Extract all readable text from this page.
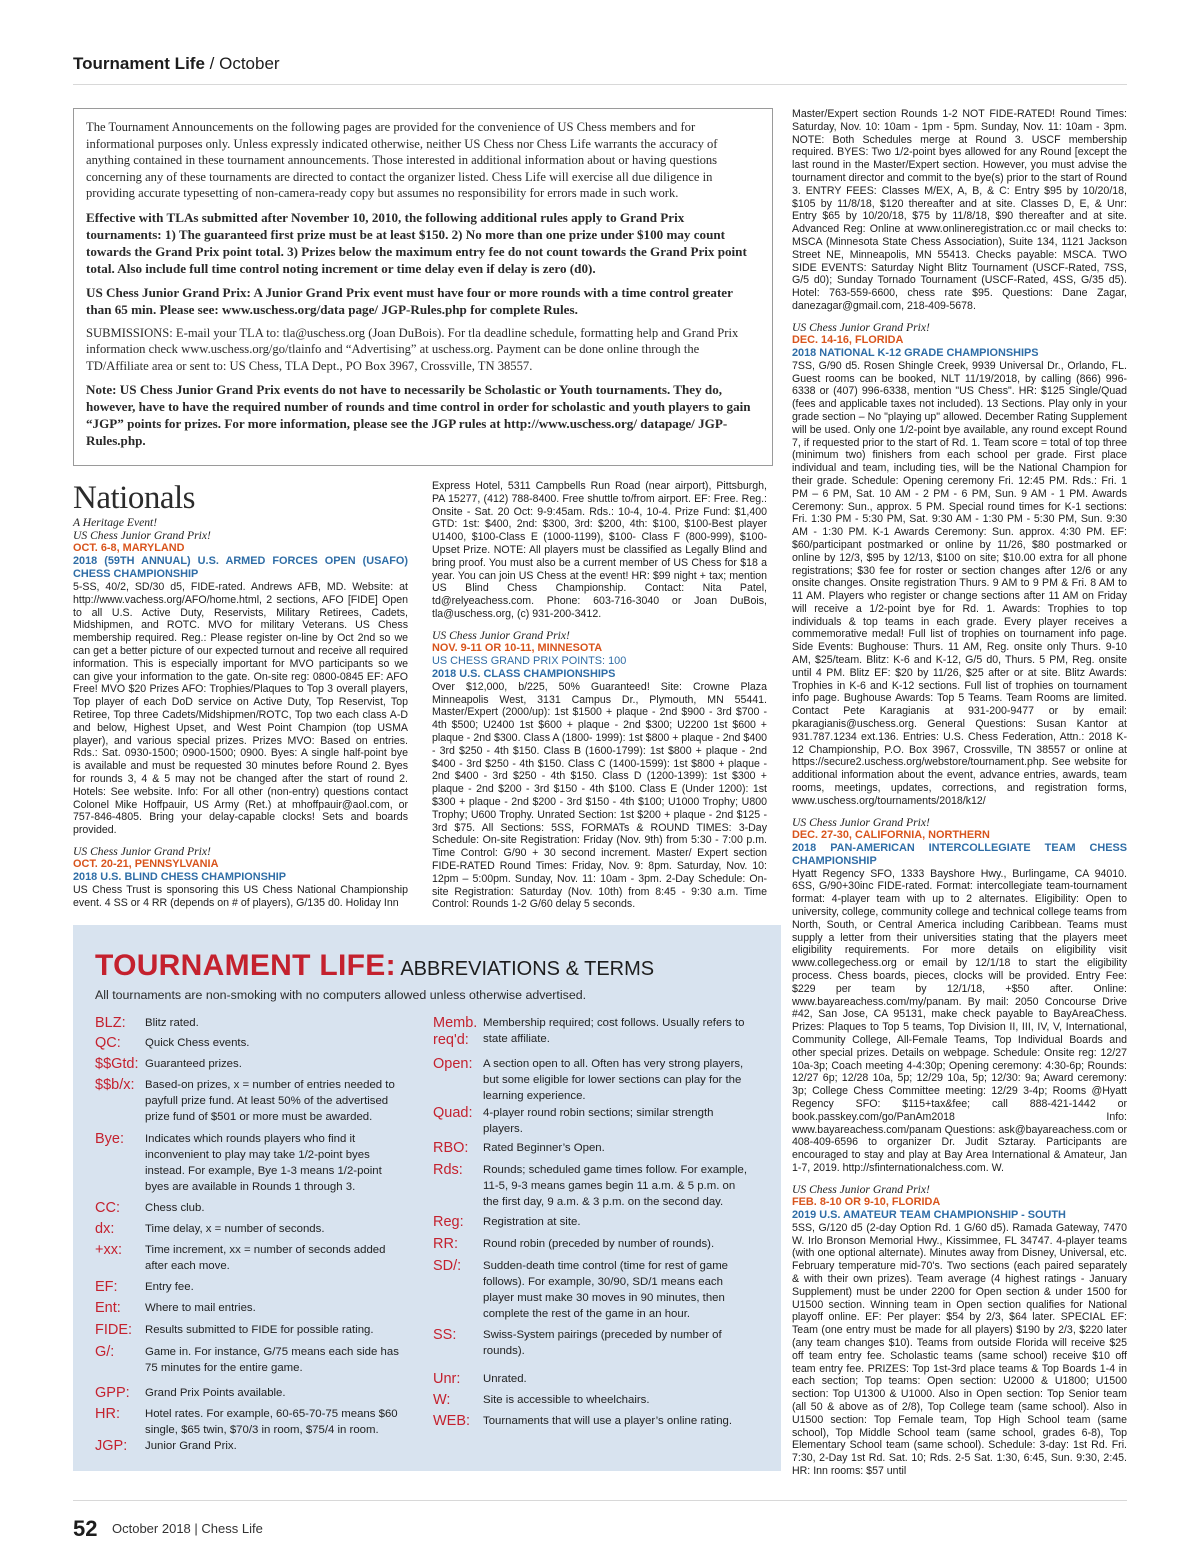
Tournament Life / October

The Tournament Announcements on the following pages are provided for the convenience of US Chess members and for informational purposes only. Unless expressly indicated otherwise, neither US Chess nor Chess Life warrants the accuracy of anything contained in these tournament announcements. Those interested in additional information about or having questions concerning any of these tournaments are directed to contact the organizer listed. Chess Life will exercise all due diligence in providing accurate typesetting of non-camera-ready copy but assumes no responsibility for errors made in such work.

Effective with TLAs submitted after November 10, 2010, the following additional rules apply to Grand Prix tournaments: 1) The guaranteed first prize must be at least $150. 2) No more than one prize under $100 may count towards the Grand Prix point total. 3) Prizes below the maximum entry fee do not count towards the Grand Prix point total. Also include full time control noting increment or time delay even if delay is zero (d0).

US Chess Junior Grand Prix: A Junior Grand Prix event must have four or more rounds with a time control greater than 65 min. Please see: www.uschess.org/data page/ JGP-Rules.php for complete Rules.

SUBMISSIONS: E-mail your TLA to: tla@uschess.org (Joan DuBois). For tla deadline schedule, formatting help and Grand Prix information check www.uschess.org/go/tlainfo and “Advertising” at uschess.org. Payment can be done online through the TD/Affiliate area or sent to: US Chess, TLA Dept., PO Box 3967, Crossville, TN 38557.

Note: US Chess Junior Grand Prix events do not have to necessarily be Scholastic or Youth tournaments. They do, however, have to have the required number of rounds and time control in order for scholastic and youth players to gain “JGP” points for prizes. For more information, please see the JGP rules at http://www.uschess.org/ datapage/ JGP-Rules.php.

Nationals
A Heritage Event!
US Chess Junior Grand Prix!
OCT. 6-8, MARYLAND
2018 (59TH ANNUAL) U.S. ARMED FORCES OPEN (USAFO) CHESS CHAMPIONSHIP

5-SS, 40/2, SD/30 d5, FIDE-rated. Andrews AFB, MD. Website: at http://www.vachess.org/AFO/home.html, 2 sections, AFO [FIDE] Open to all U.S. Active Duty, Reservists, Military Retirees, Cadets, Midshipmen, and ROTC. MVO for military Veterans. US Chess membership required. Reg.: Please register on-line by Oct 2nd so we can get a better picture of our expected turnout and receive all required information. This is especially important for MVO participants so we can give your information to the gate. On-site reg: 0800-0845 EF: AFO Free! MVO $20 Prizes AFO: Trophies/Plaques to Top 3 overall players, Top player of each DoD service on Active Duty, Top Reservist, Top Retiree, Top three Cadets/Midshipmen/ROTC, Top two each class A-D and below, Highest Upset, and West Point Champion (top USMA player), and various special prizes. Prizes MVO: Based on entries. Rds.: Sat. 0930-1500; 0900-1500; 0900. Byes: A single half-point bye is available and must be requested 30 minutes before Round 2. Byes for rounds 3, 4 & 5 may not be changed after the start of round 2. Hotels: See website. Info: For all other (non-entry) questions contact Colonel Mike Hoffpauir, US Army (Ret.) at mhoffpauir@aol.com, or 757-846-4805. Bring your delay-capable clocks! Sets and boards provided.

US Chess Junior Grand Prix!
OCT. 20-21, PENNSYLVANIA
2018 U.S. BLIND CHESS CHAMPIONSHIP

US Chess Trust is sponsoring this US Chess National Championship event. 4 SS or 4 RR (depends on # of players), G/135 d0. Holiday Inn

Express Hotel, 5311 Campbells Run Road (near airport), Pittsburgh, PA 15277, (412) 788-8400. Free shuttle to/from airport. EF: Free. Reg.: Onsite - Sat. 20 Oct: 9-9:45am. Rds.: 10-4, 10-4. Prize Fund: $1,400 GTD: 1st: $400, 2nd: $300, 3rd: $200, 4th: $100, $100-Best player U1400, $100-Class E (1000-1199), $100- Class F (800-999), $100-Upset Prize. NOTE: All players must be classified as Legally Blind and bring proof. You must also be a current member of US Chess for $18 a year. You can join US Chess at the event! HR: $99 night + tax; mention US Blind Chess Championship. Contact: Nita Patel, td@relyeachess.com. Phone: 603-716-3040 or Joan DuBois, tla@uschess.org, (c) 931-200-3412.

US Chess Junior Grand Prix!
NOV. 9-11 OR 10-11, MINNESOTA
US CHESS GRAND PRIX POINTS: 100
2018 U.S. CLASS CHAMPIONSHIPS

Over $12,000, b/225, 50% Guaranteed! Site: Crowne Plaza Minneapolis West, 3131 Campus Dr., Plymouth, MN 55441. Master/Expert (2000/up): 1st $1500 + plaque - 2nd $900 - 3rd $700 - 4th $500; U2400 1st $600 + plaque - 2nd $300; U2200 1st $600 + plaque - 2nd $300. Class A (1800- 1999): 1st $800 + plaque - 2nd $400 - 3rd $250 - 4th $150. Class B (1600-1799): 1st $800 + plaque - 2nd $400 - 3rd $250 - 4th $150. Class C (1400-1599): 1st $800 + plaque - 2nd $400 - 3rd $250 - 4th $150. Class D (1200-1399): 1st $300 + plaque - 2nd $200 - 3rd $150 - 4th $100. Class E (Under 1200): 1st $300 + plaque - 2nd $200 - 3rd $150 - 4th $100; U1000 Trophy; U800 Trophy; U600 Trophy. Unrated Section: 1st $200 + plaque - 2nd $125 - 3rd $75. All Sections: 5SS, FORMATs & ROUND TIMES: 3-Day Schedule: On-site Registration: Friday (Nov. 9th) from 5:30 - 7:00 p.m. Time Control: G/90 + 30 second increment. Master/ Expert section FIDE-RATED Round Times: Friday, Nov. 9: 8pm. Saturday, Nov. 10: 12pm – 5:00pm. Sunday, Nov. 11: 10am - 3pm. 2-Day Schedule: On-site Registration: Saturday (Nov. 10th) from 8:45 - 9:30 a.m. Time Control: Rounds 1-2 G/60 delay 5 seconds.

Master/Expert section Rounds 1-2 NOT FIDE-RATED! Round Times: Saturday, Nov. 10: 10am - 1pm - 5pm. Sunday, Nov. 11: 10am - 3pm. NOTE: Both Schedules merge at Round 3. USCF membership required. BYES: Two 1/2-point byes allowed for any Round [except the last round in the Master/Expert section. However, you must advise the tournament director and commit to the bye(s) prior to the start of Round 3. ENTRY FEES: Classes M/EX, A, B, & C: Entry $95 by 10/20/18, $105 by 11/8/18, $120 thereafter and at site. Classes D, E, & Unr: Entry $65 by 10/20/18, $75 by 11/8/18, $90 thereafter and at site. Advanced Reg: Online at www.onlineregistration.cc or mail checks to: MSCA (Minnesota State Chess Association), Suite 134, 1121 Jackson Street NE, Minneapolis, MN 55413. Checks payable: MSCA. TWO SIDE EVENTS: Saturday Night Blitz Tournament (USCF-Rated, 7SS, G/5 d0); Sunday Tornado Tournament (USCF-Rated, 4SS, G/35 d5). Hotel: 763-559-6600, chess rate $95. Questions: Dane Zagar, danezagar@gmail.com, 218-409-5678.

US Chess Junior Grand Prix!
DEC. 14-16, FLORIDA
2018 NATIONAL K-12 GRADE CHAMPIONSHIPS

7SS, G/90 d5. Rosen Shingle Creek, 9939 Universal Dr., Orlando, FL. Guest rooms can be booked, NLT 11/19/2018, by calling (866) 996-6338 or (407) 996-6338, mention "US Chess". HR: $125 Single/Quad (fees and applicable taxes not included). 13 Sections. Play only in your grade section – No "playing up" allowed. December Rating Supplement will be used. Only one 1/2-point bye available, any round except Round 7, if requested prior to the start of Rd. 1. Team score = total of top three (minimum two) finishers from each school per grade. First place individual and team, including ties, will be the National Champion for their grade. Schedule: Opening ceremony Fri. 12:45 PM. Rds.: Fri. 1 PM – 6 PM, Sat. 10 AM - 2 PM - 6 PM, Sun. 9 AM - 1 PM. Awards Ceremony: Sun., approx. 5 PM. Special round times for K-1 sections: Fri. 1:30 PM - 5:30 PM, Sat. 9:30 AM - 1:30 PM - 5:30 PM, Sun. 9:30 AM - 1:30 PM. K-1 Awards Ceremony: Sun. approx. 4:30 PM. EF: $60/participant postmarked or online by 11/26, $80 postmarked or online by 12/3, $95 by 12/13, $100 on site; $10.00 extra for all phone registrations; $30 fee for roster or section changes after 12/6 or any onsite changes. Onsite registration Thurs. 9 AM to 9 PM & Fri. 8 AM to 11 AM. Players who register or change sections after 11 AM on Friday will receive a 1/2-point bye for Rd. 1. Awards: Trophies to top individuals & top teams in each grade. Every player receives a commemorative medal! Full list of trophies on tournament info page. Side Events: Bughouse: Thurs. 11 AM, Reg. onsite only Thurs. 9-10 AM, $25/team. Blitz: K-6 and K-12, G/5 d0, Thurs. 5 PM, Reg. onsite until 4 PM. Blitz EF: $20 by 11/26, $25 after or at site. Blitz Awards: Trophies in K-6 and K-12 sections. Full list of trophies on tournament info page. Bughouse Awards: Top 5 Teams. Team Rooms are limited. Contact Pete Karagianis at 931-200-9477 or by email: pkaragianis@uschess.org. General Questions: Susan Kantor at 931.787.1234 ext.136. Entries: U.S. Chess Federation, Attn.: 2018 K-12 Championship, P.O. Box 3967, Crossville, TN 38557 or online at https://secure2.uschess.org/webstore/tournament.php. See website for additional information about the event, advance entries, awards, team rooms, meetings, updates, corrections, and registration forms, www.uschess.org/tournaments/2018/k12/

US Chess Junior Grand Prix!
DEC. 27-30, CALIFORNIA, NORTHERN
2018 PAN-AMERICAN INTERCOLLEGIATE TEAM CHESS CHAMPIONSHIP

Hyatt Regency SFO, 1333 Bayshore Hwy., Burlingame, CA 94010. 6SS, G/90+30inc FIDE-rated. Format: intercollegiate team-tournament format: 4-player team with up to 2 alternates. Eligibility: Open to university, college, community college and technical college teams from North, South, or Central America including Caribbean. Teams must supply a letter from their universities stating that the players meet eligibility requirements. For more details on eligibility visit www.collegechess.org or email by 12/1/18 to start the eligibility process. Chess boards, pieces, clocks will be provided. Entry Fee: $229 per team by 12/1/18, +$50 after. Online: www.bayareachess.com/my/panam. By mail: 2050 Concourse Drive #42, San Jose, CA 95131, make check payable to BayAreaChess. Prizes: Plaques to Top 5 teams, Top Division II, III, IV, V, International, Community College, All-Female Teams, Top Individual Boards and other special prizes. Details on webpage. Schedule: Onsite reg: 12/27 10a-3p; Coach meeting 4-4:30p; Opening ceremony: 4:30-6p; Rounds: 12/27 6p; 12/28 10a, 5p; 12/29 10a, 5p; 12/30: 9a; Award ceremony: 3p; College Chess Committee meeting: 12/29 3-4p; Rooms @Hyatt Regency SFO: $115+tax&fee; call 888-421-1442 or book.passkey.com/go/PanAm2018 Info: www.bayareachess.com/panam Questions: ask@bayareachess.com or 408-409-6596 to organizer Dr. Judit Sztaray. Participants are encouraged to stay and play at Bay Area International & Amateur, Jan 1-7, 2019. http://sfinternationalchess.com. W.

US Chess Junior Grand Prix!
FEB. 8-10 OR 9-10, FLORIDA
2019 U.S. AMATEUR TEAM CHAMPIONSHIP - SOUTH

5SS, G/120 d5 (2-day Option Rd. 1 G/60 d5). Ramada Gateway, 7470 W. Irlo Bronson Memorial Hwy., Kissimmee, FL 34747. 4-player teams (with one optional alternate). Minutes away from Disney, Universal, etc. February temperature mid-70's. Two sections (each paired separately & with their own prizes). Team average (4 highest ratings - January Supplement) must be under 2200 for Open section & under 1500 for U1500 section. Winning team in Open section qualifies for National playoff online. EF: Per player: $54 by 2/3, $64 later. SPECIAL EF: Team (one entry must be made for all players) $190 by 2/3, $220 later (any team changes $10). Teams from outside Florida will receive $25 off team entry fee. Scholastic teams (same school) receive $10 off team entry fee. PRIZES: Top 1st-3rd place teams & Top Boards 1-4 in each section; Top teams: Open section: U2000 & U1800; U1500 section: Top U1300 & U1000. Also in Open section: Top Senior team (all 50 & above as of 2/8), Top College team (same school). Also in U1500 section: Top Female team, Top High School team (same school), Top Middle School team (same school, grades 6-8), Top Elementary School team (same school). Schedule: 3-day: 1st Rd. Fri. 7:30, 2-Day 1st Rd. Sat. 10; Rds. 2-5 Sat. 1:30, 6:45, Sun. 9:30, 2:45. HR: Inn rooms: $57 until

TOURNAMENT LIFE: ABBREVIATIONS & TERMS
All tournaments are non-smoking with no computers allowed unless otherwise advertised.
BLZ:	Blitz rated.
QC:	Quick Chess events.
$$Gtd: Guaranteed prizes.
$$b/x: Based-on prizes, x = number of entries needed to payfull prize fund. At least 50% of the advertised prize fund of $501 or more must be awarded.
Bye:	Indicates which rounds players who find it inconvenient to play may take 1/2-point byes instead. For example, Bye 1-3 means 1/2-point byes are available in Rounds 1 through 3.
CC:	Chess club.
dx:	Time delay, x = number of seconds.
+xx:	Time increment, xx = number of seconds added after each move.
EF:	Entry fee.
Ent:	Where to mail entries.
FIDE:	Results submitted to FIDE for possible rating.
G/:	Game in. For instance, G/75 means each side has 75 minutes for the entire game.
GPP:	Grand Prix Points available.
HR:	Hotel rates. For example, 60-65-70-75 means $60 single, $65 twin, $70/3 in room, $75/4 in room.
JGP:	Junior Grand Prix.
Memb. req'd:
Membership required; cost follows. Usually refers to state affiliate.
Open: A section open to all. Often has very strong players, but some eligible for lower sections can play for the learning experience.
Quad: 4-player round robin sections; similar strength players.
RBO:	Rated Beginner’s Open.
Rds:	Rounds; scheduled game times follow. For example, 11-5, 9-3 means games begin 11 a.m. & 5 p.m. on the first day, 9 a.m. & 3 p.m. on the second day.
Reg:	Registration at site.
RR:	Round robin (preceded by number of rounds).
SD/:	Sudden-death time control (time for rest of game follows). For example, 30/90, SD/1 means each player must make 30 moves in 90 minutes, then complete the rest of the game in an hour.
SS:	Swiss-System pairings (preceded by number of rounds).
Unr:	Unrated.
W:	Site is accessible to wheelchairs.
WEB:	Tournaments that will use a player’s online rating.
52 October 2018 | Chess Life
